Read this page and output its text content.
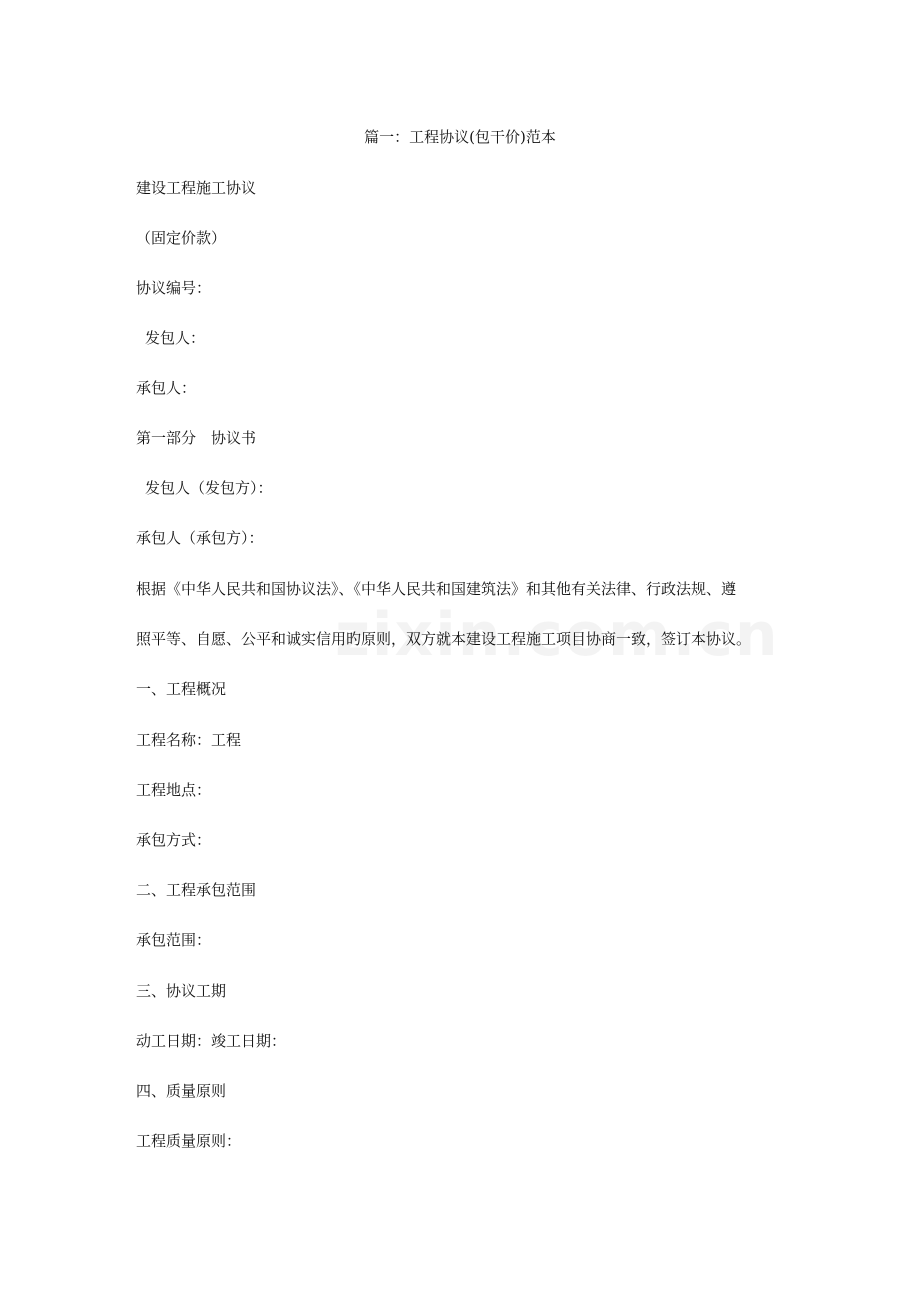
篇一：工程协议(包干价)范本
建设工程施工协议
（固定价款）
协议编号：
发包人：
承包人：
第一部分　协议书
发包人（发包方）：
承包人（承包方）：
根据《中华人民共和国协议法》、《中华人民共和国建筑法》和其他有关法律、行政法规、遵
照平等、自愿、公平和诚实信用旳原则，双方就本建设工程施工项目协商一致，签订本协议。
一、工程概况
工程名称：工程
工程地点：
承包方式：
二、工程承包范围
承包范围：
三、协议工期
动工日期：竣工日期：
四、质量原则
工程质量原则：
